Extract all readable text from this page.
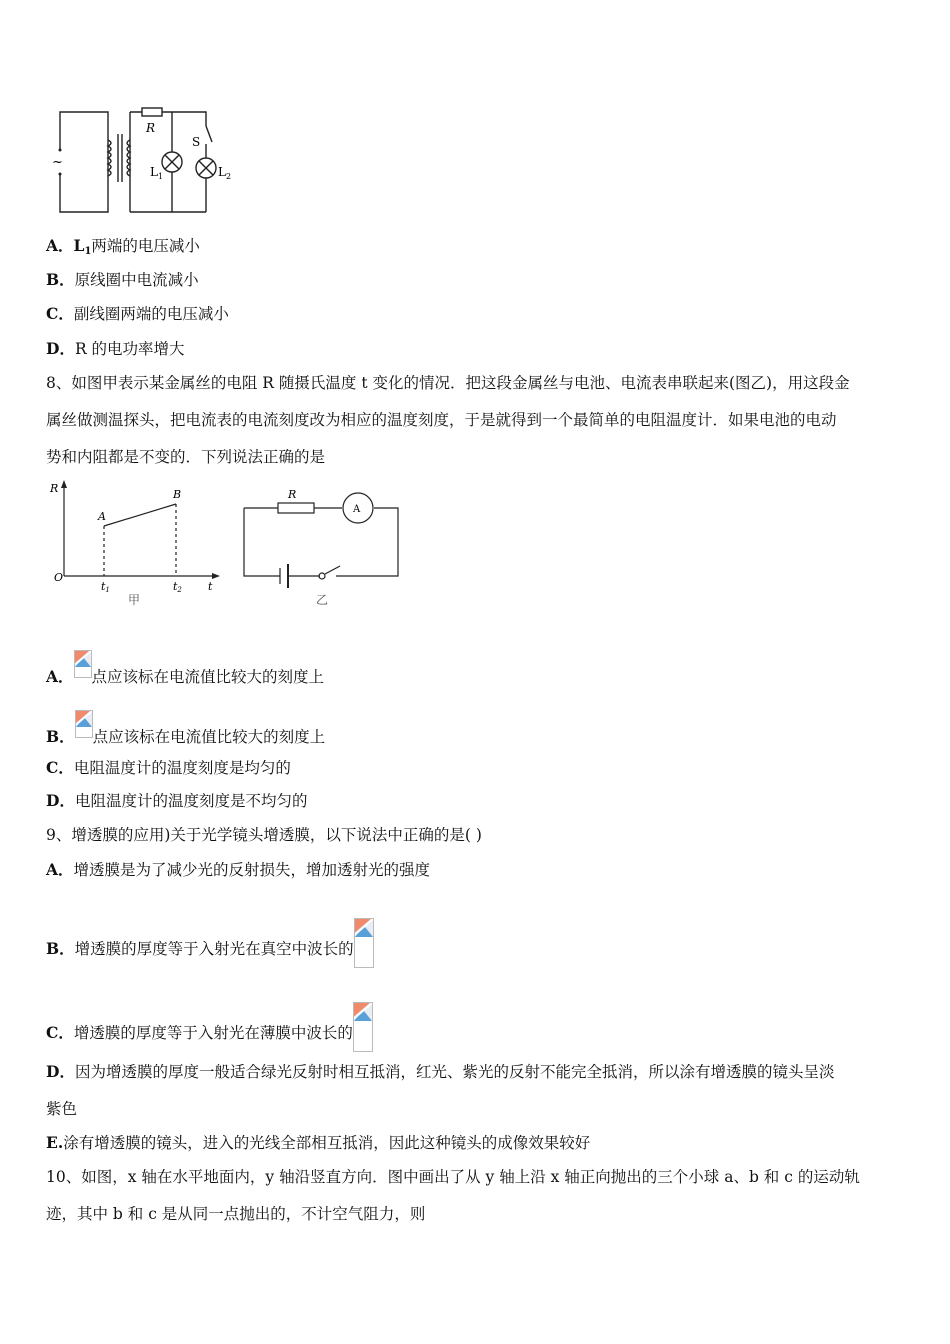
~
R
S
$L_1$	$L_2$
A．$L_1$两端的电压减小
B．原线圈中电流减小
C．副线圈两端的电压减小
D．R 的电功率增大
8、如图甲表示某金属丝的电阻 R 随摄氏温度 t 变化的情况．把这段金属丝与电池、电流表串联起来(图乙)，用这段金
属丝做测温探头，把电流表的电流刻度改为相应的温度刻度，于是就得到一个最简单的电阻温度计．如果电池的电动
势和内阻都是不变的．下列说法正确的是
R
t
O
A
B
t1	t2
甲
R
A
乙
A． 点应该标在电流值比较大的刻度上
B． 点应该标在电流值比较大的刻度上
C．电阻温度计的温度刻度是均匀的
D．电阻温度计的温度刻度是不均匀的
9、增透膜的应用)关于光学镜头增透膜，以下说法中正确的是( )
A．增透膜是为了减少光的反射损失，增加透射光的强度
B．增透膜的厚度等于入射光在真空中波长的
C．增透膜的厚度等于入射光在薄膜中波长的
D．因为增透膜的厚度一般适合绿光反射时相互抵消，红光、紫光的反射不能完全抵消，所以涂有增透膜的镜头呈淡
紫色
E.涂有增透膜的镜头，进入的光线全部相互抵消，因此这种镜头的成像效果较好
10、如图，x 轴在水平地面内，y 轴沿竖直方向．图中画出了从 y 轴上沿 x 轴正向抛出的三个小球 a、b 和 c 的运动轨
迹，其中 b 和 c 是从同一点抛出的，不计空气阻力，则
